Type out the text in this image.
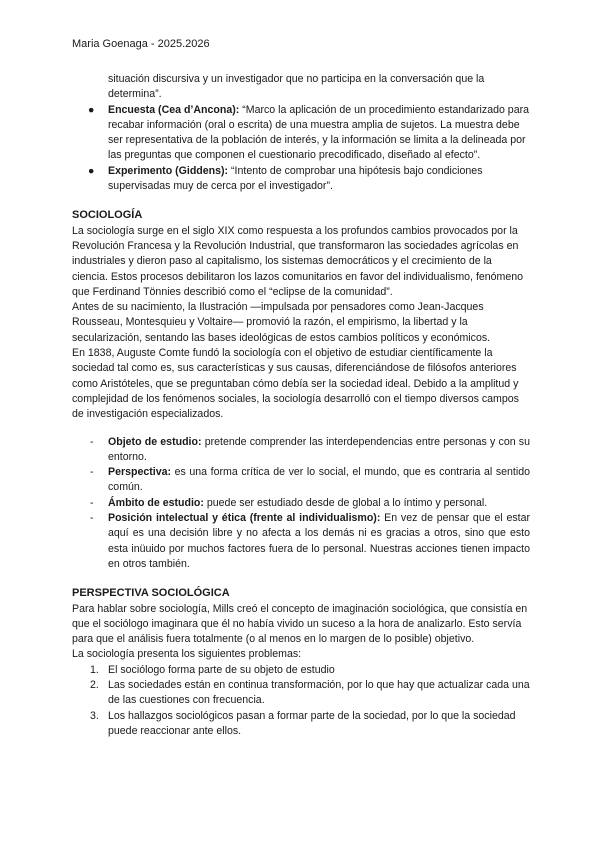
Maria Goenaga - 2025.2026

situación discursiva y un investigador que no participa en la conversación que la determina”.

● Encuesta (Cea d’Ancona): “Marco la aplicación de un procedimiento estandarizado para recabar información (oral o escrita) de una muestra amplia de sujetos. La muestra debe ser representativa de la población de interés, y la información se limita a la delineada por las preguntas que componen el cuestionario precodificado, diseñado al efecto”.
● Experimento (Giddens): “Intento de comprobar una hipótesis bajo condiciones supervisadas muy de cerca por el investigador”.
SOCIOLOGÍA

La sociología surge en el siglo XIX como respuesta a los profundos cambios provocados por la Revolución Francesa y la Revolución Industrial, que transformaron las sociedades agrícolas en industriales y dieron paso al capitalismo, los sistemas democráticos y el crecimiento de la ciencia. Estos procesos debilitaron los lazos comunitarios en favor del individualismo, fenómeno que Ferdinand Tönnies describió como el “eclipse de la comunidad”.

Antes de su nacimiento, la Ilustración —impulsada por pensadores como Jean-Jacques Rousseau, Montesquieu y Voltaire— promovió la razón, el empirismo, la libertad y la secularización, sentando las bases ideológicas de estos cambios políticos y económicos.

En 1838, Auguste Comte fundó la sociología con el objetivo de estudiar científicamente la sociedad tal como es, sus características y sus causas, diferenciándose de filósofos anteriores como Aristóteles, que se preguntaban cómo debía ser la sociedad ideal. Debido a la amplitud y complejidad de los fenómenos sociales, la sociología desarrolló con el tiempo diversos campos de investigación especializados.

- Objeto de estudio: pretende comprender las interdependencias entre personas y con su entorno.
- Perspectiva: es una forma crítica de ver lo social, el mundo, que es contraria al sentido común.
- Ámbito de estudio: puede ser estudiado desde de global a lo íntimo y personal.
- Posición intelectual y ética (frente al individualismo): En vez de pensar que el estar aquí es una decisión libre y no afecta a los demás ni es gracias a otros, sino que esto esta inüuido por muchos factores fuera de lo personal. Nuestras acciones tienen impacto en otros también.
PERSPECTIVA SOCIOLÓGICA

Para hablar sobre sociología, Mills creó el concepto de imaginación sociológica, que consistía en que el sociólogo imaginara que él no había vivido un suceso a la hora de analizarlo. Esto servía para que el análisis fuera totalmente (o al menos en lo margen de lo posible) objetivo.

La sociología presenta los siguientes problemas:

1. El sociólogo forma parte de su objeto de estudio
2. Las sociedades están en continua transformación, por lo que hay que actualizar cada una de las cuestiones con frecuencia.
3. Los hallazgos sociológicos pasan a formar parte de la sociedad, por lo que la sociedad puede reaccionar ante ellos.
